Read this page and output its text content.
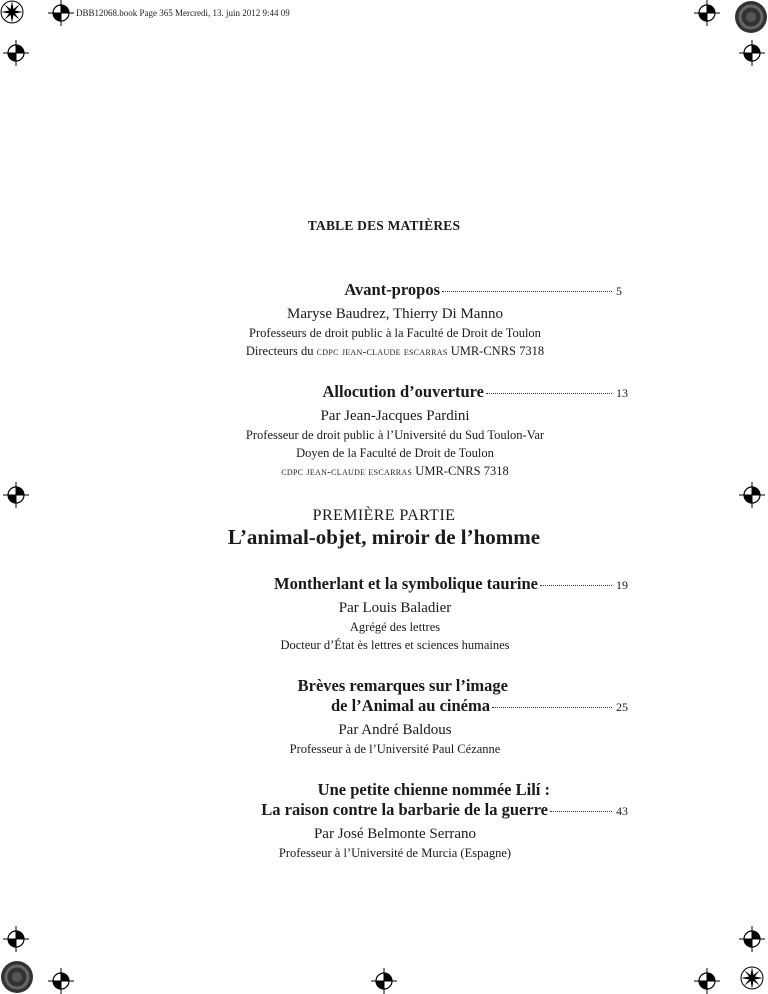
DBB12068.book Page 365 Mercredi, 13. juin 2012 9:44 09
TABLE DES MATIÈRES
Avant-propos	5
Maryse Baudrez, Thierry Di Manno
Professeurs de droit public à la Faculté de Droit de Toulon
Directeurs du cdpc jean-claude escarras UMR-CNRS 7318
Allocution d’ouverture	13
Par Jean-Jacques Pardini
Professeur de droit public à l’Université du Sud Toulon-Var
Doyen de la Faculté de Droit de Toulon
cdpc jean-claude escarras UMR-CNRS 7318
PREMIÈRE PARTIE
L’animal-objet, miroir de l’homme
Montherlant et la symbolique taurine	19
Par Louis Baladier
Agrégé des lettres
Docteur d’État ès lettres et sciences humaines
Brèves remarques sur l’image
de l’Animal au cinéma	25
Par André Baldous
Professeur à de l’Université Paul Cézanne
Une petite chienne nommée Lilí :
La raison contre la barbarie de la guerre	43
Par José Belmonte Serrano
Professeur à l’Université de Murcia (Espagne)
